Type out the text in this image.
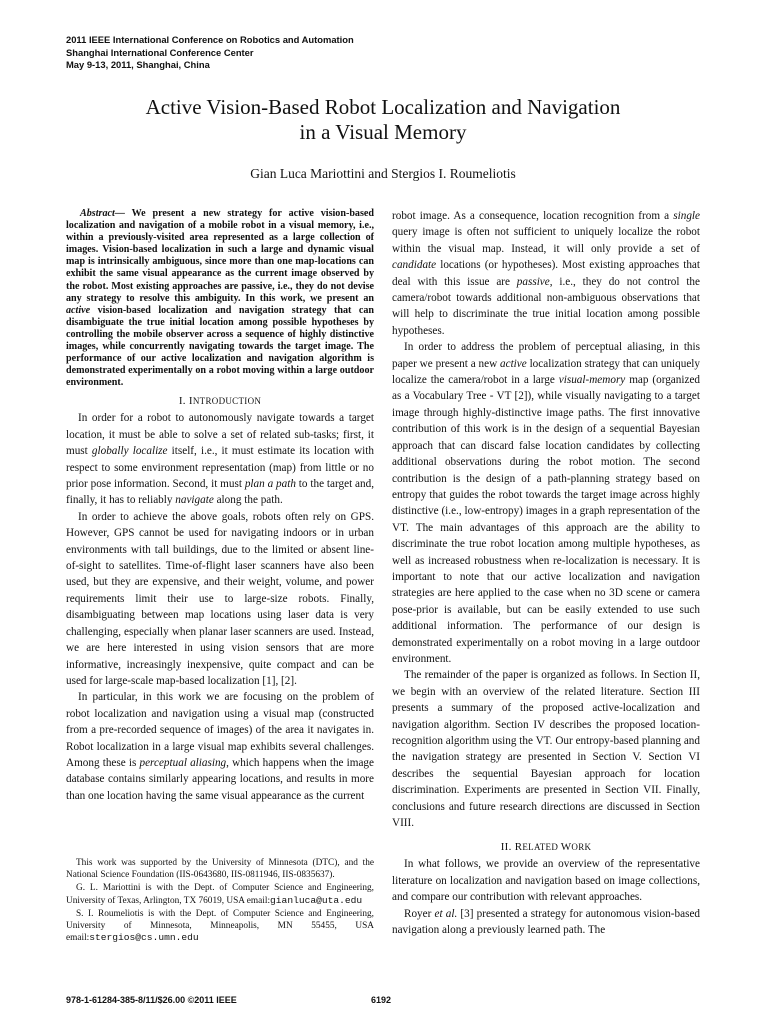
2011 IEEE International Conference on Robotics and Automation
Shanghai International Conference Center
May 9-13, 2011, Shanghai, China
Active Vision-Based Robot Localization and Navigation
in a Visual Memory
Gian Luca Mariottini and Stergios I. Roumeliotis

Abstract— We present a new strategy for active vision-based localization and navigation of a mobile robot in a visual memory, i.e., within a previously-visited area represented as a large collection of images. Vision-based localization in such a large and dynamic visual map is intrinsically ambiguous, since more than one map-locations can exhibit the same visual appearance as the current image observed by the robot. Most existing approaches are passive, i.e., they do not devise any strategy to resolve this ambiguity. In this work, we present an active vision-based localization and navigation strategy that can disambiguate the true initial location among possible hypotheses by controlling the mobile observer across a sequence of highly distinctive images, while concurrently navigating towards the target image. The performance of our active localization and navigation algorithm is demonstrated experimentally on a robot moving within a large outdoor environment.

I. INTRODUCTION

In order for a robot to autonomously navigate towards a target location, it must be able to solve a set of related sub-tasks; first, it must globally localize itself, i.e., it must estimate its location with respect to some environment representation (map) from little or no prior pose information. Second, it must plan a path to the target and, finally, it has to reliably navigate along the path.

In order to achieve the above goals, robots often rely on GPS. However, GPS cannot be used for navigating indoors or in urban environments with tall buildings, due to the limited or absent line-of-sight to satellites. Time-of-flight laser scanners have also been used, but they are expensive, and their weight, volume, and power requirements limit their use to large-size robots. Finally, disambiguating between map locations using laser data is very challenging, especially when planar laser scanners are used. Instead, we are here interested in using vision sensors that are more informative, increasingly inexpensive, quite compact and can be used for large-scale map-based localization [1], [2].

In particular, in this work we are focusing on the problem of robot localization and navigation using a visual map (constructed from a pre-recorded sequence of images) of the area it navigates in. Robot localization in a large visual map exhibits several challenges. Among these is perceptual aliasing, which happens when the image database contains similarly appearing locations, and results in more than one location having the same visual appearance as the current

This work was supported by the University of Minnesota (DTC), and the National Science Foundation (IIS-0643680, IIS-0811946, IIS-0835637).

G. L. Mariottini is with the Dept. of Computer Science and Engineering, University of Texas, Arlington, TX 76019, USA email:gianluca@uta.edu

S. I. Roumeliotis is with the Dept. of Computer Science and Engineering, University of Minnesota, Minneapolis, MN 55455, USA email:stergios@cs.umn.edu

robot image. As a consequence, location recognition from a single query image is often not sufficient to uniquely localize the robot within the visual map. Instead, it will only provide a set of candidate locations (or hypotheses). Most existing approaches that deal with this issue are passive, i.e., they do not control the camera/robot towards additional non-ambiguous observations that will help to discriminate the true initial location among possible hypotheses.

In order to address the problem of perceptual aliasing, in this paper we present a new active localization strategy that can uniquely localize the camera/robot in a large visual-memory map (organized as a Vocabulary Tree - VT [2]), while visually navigating to a target image through highly-distinctive image paths. The first innovative contribution of this work is in the design of a sequential Bayesian approach that can discard false location candidates by collecting additional observations during the robot motion. The second contribution is the design of a path-planning strategy based on entropy that guides the robot towards the target image across highly distinctive (i.e., low-entropy) images in a graph representation of the VT. The main advantages of this approach are the ability to discriminate the true robot location among multiple hypotheses, as well as increased robustness when re-localization is necessary. It is important to note that our active localization and navigation strategies are here applied to the case when no 3D scene or camera pose-prior is available, but can be easily extended to use such additional information. The performance of our design is demonstrated experimentally on a robot moving in a large outdoor environment.

The remainder of the paper is organized as follows. In Section II, we begin with an overview of the related literature. Section III presents a summary of the proposed active-localization and navigation algorithm. Section IV describes the proposed location-recognition algorithm using the VT. Our entropy-based planning and the navigation strategy are presented in Section V. Section VI describes the sequential Bayesian approach for location discrimination. Experiments are presented in Section VII. Finally, conclusions and future research directions are discussed in Section VIII.

II. RELATED WORK

In what follows, we provide an overview of the representative literature on localization and navigation based on image collections, and compare our contribution with relevant approaches.

Royer et al. [3] presented a strategy for autonomous vision-based navigation along a previously learned path. The

978-1-61284-385-8/11/$26.00 ©2011 IEEE	6192
